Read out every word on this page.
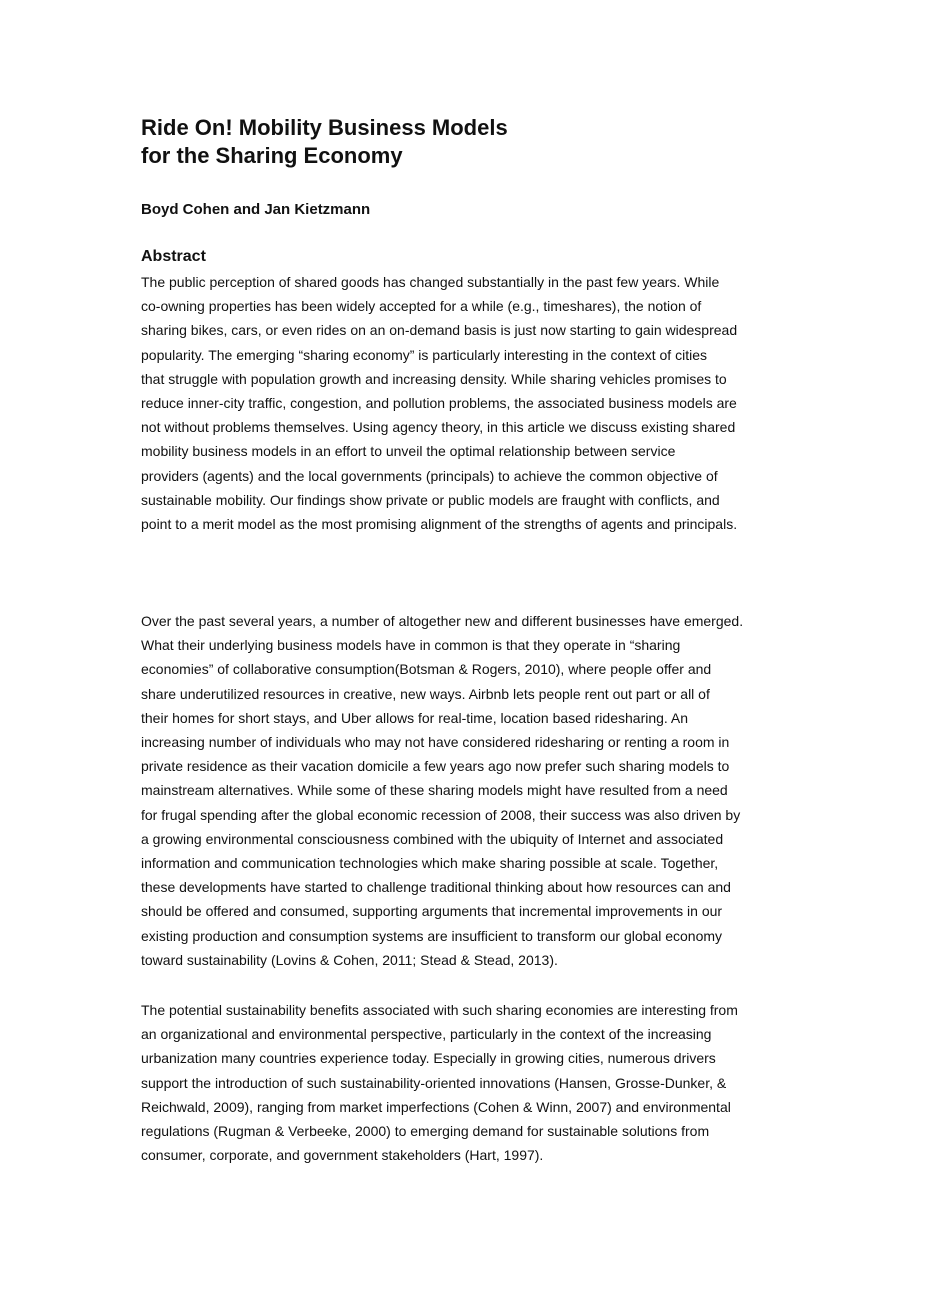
Ride On! Mobility Business Models
for the Sharing Economy

Boyd Cohen and Jan Kietzmann

Abstract

The public perception of shared goods has changed substantially in the past few years. While
co-owning properties has been widely accepted for a while (e.g., timeshares), the notion of
sharing bikes, cars, or even rides on an on-demand basis is just now starting to gain widespread
popularity. The emerging “sharing economy” is particularly interesting in the context of cities
that struggle with population growth and increasing density. While sharing vehicles promises to
reduce inner-city traffic, congestion, and pollution problems, the associated business models are
not without problems themselves. Using agency theory, in this article we discuss existing shared
mobility business models in an effort to unveil the optimal relationship between service
providers (agents) and the local governments (principals) to achieve the common objective of
sustainable mobility. Our findings show private or public models are fraught with conflicts, and
point to a merit model as the most promising alignment of the strengths of agents and principals.

Over the past several years, a number of altogether new and different businesses have emerged.
What their underlying business models have in common is that they operate in “sharing
economies” of collaborative consumption(Botsman & Rogers, 2010), where people offer and
share underutilized resources in creative, new ways. Airbnb lets people rent out part or all of
their homes for short stays, and Uber allows for real-time, location based ridesharing. An
increasing number of individuals who may not have considered ridesharing or renting a room in
private residence as their vacation domicile a few years ago now prefer such sharing models to
mainstream alternatives. While some of these sharing models might have resulted from a need
for frugal spending after the global economic recession of 2008, their success was also driven by
a growing environmental consciousness combined with the ubiquity of Internet and associated
information and communication technologies which make sharing possible at scale. Together,
these developments have started to challenge traditional thinking about how resources can and
should be offered and consumed, supporting arguments that incremental improvements in our
existing production and consumption systems are insufficient to transform our global economy
toward sustainability (Lovins & Cohen, 2011; Stead & Stead, 2013).

The potential sustainability benefits associated with such sharing economies are interesting from
an organizational and environmental perspective, particularly in the context of the increasing
urbanization many countries experience today. Especially in growing cities, numerous drivers
support the introduction of such sustainability-oriented innovations (Hansen, Grosse-Dunker, &
Reichwald, 2009), ranging from market imperfections (Cohen & Winn, 2007) and environmental
regulations (Rugman & Verbeeke, 2000) to emerging demand for sustainable solutions from
consumer, corporate, and government stakeholders (Hart, 1997).
